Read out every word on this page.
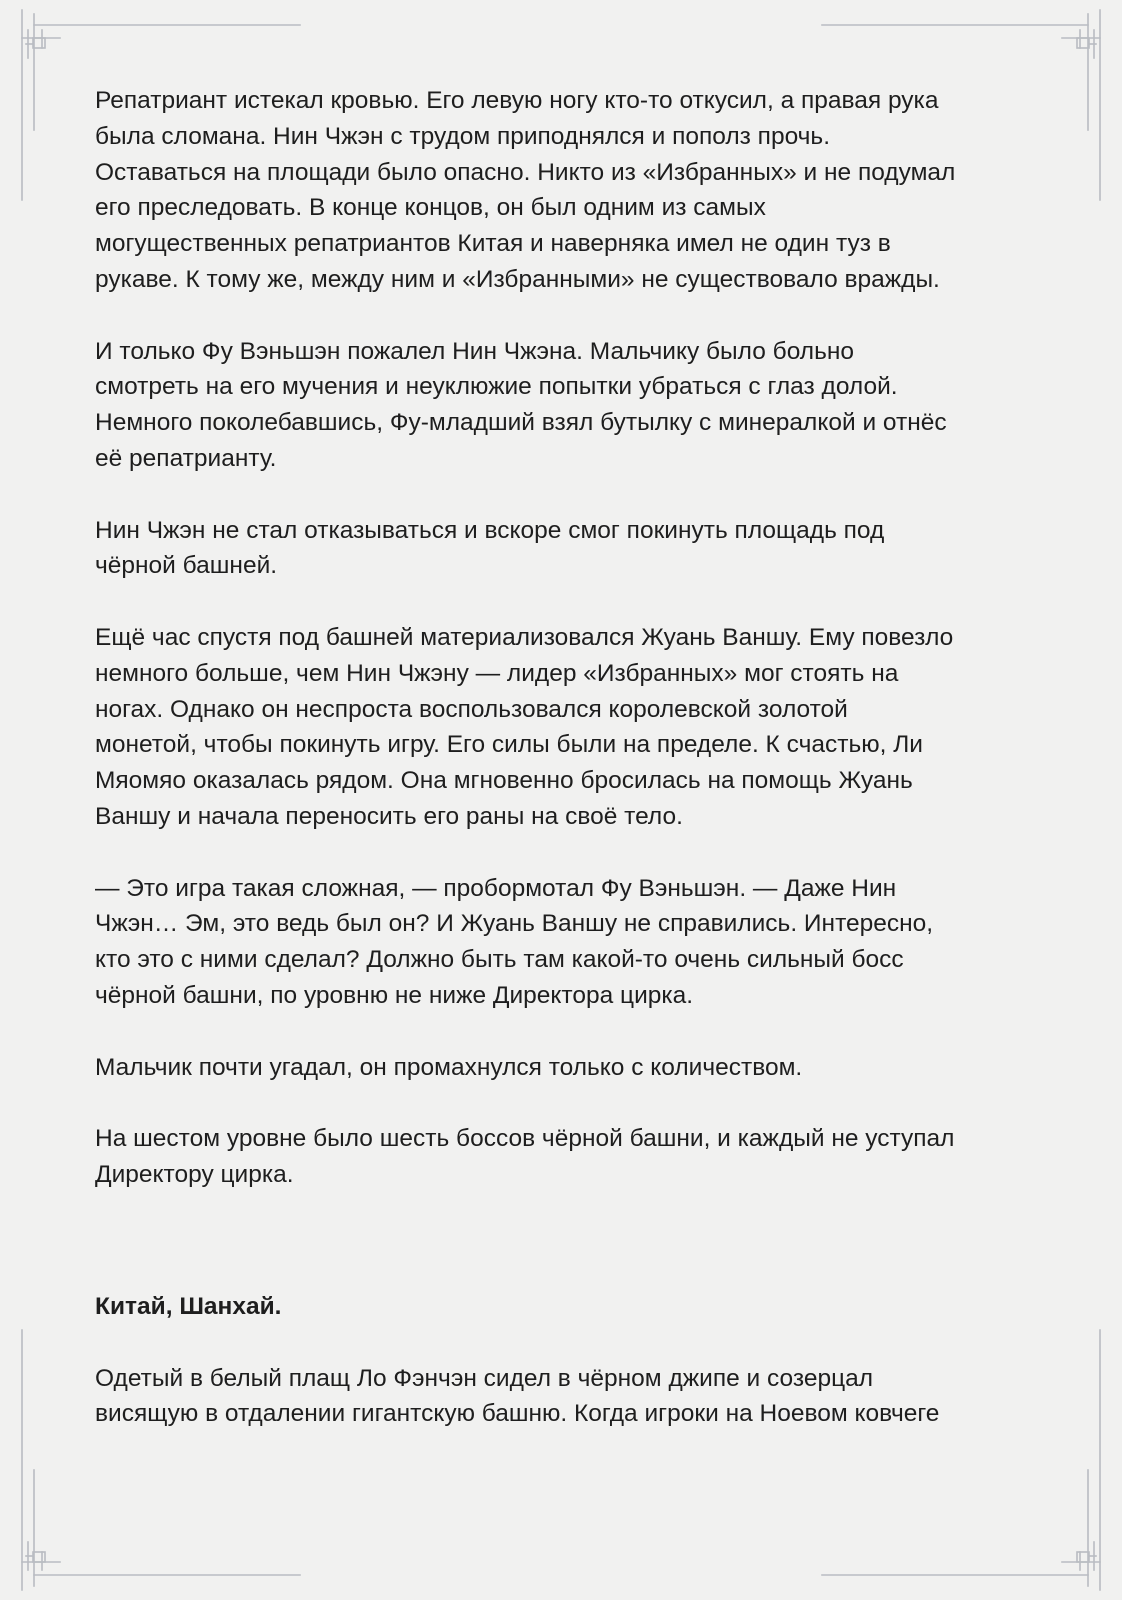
Репатриант истекал кровью. Его левую ногу кто-то откусил, а правая рука
была сломана. Нин Чжэн с трудом приподнялся и пополз прочь.
Оставаться на площади было опасно. Никто из «Избранных» и не подумал
его преследовать. В конце концов, он был одним из самых
могущественных репатриантов Китая и наверняка имел не один туз в
рукаве. К тому же, между ним и «Избранными» не существовало вражды.

И только Фу Вэньшэн пожалел Нин Чжэна. Мальчику было больно
смотреть на его мучения и неуклюжие попытки убраться с глаз долой.
Немного поколебавшись, Фу-младший взял бутылку с минералкой и отнёс
её репатрианту.

Нин Чжэн не стал отказываться и вскоре смог покинуть площадь под
чёрной башней.

Ещё час спустя под башней материализовался Жуань Ваншу. Ему повезло
немного больше, чем Нин Чжэну — лидер «Избранных» мог стоять на
ногах. Однако он неспроста воспользовался королевской золотой
монетой, чтобы покинуть игру. Его силы были на пределе. К счастью, Ли
Мяомяо оказалась рядом. Она мгновенно бросилась на помощь Жуань
Ваншу и начала переносить его раны на своё тело.

— Это игра такая сложная, — пробормотал Фу Вэньшэн. — Даже Нин
Чжэн… Эм, это ведь был он? И Жуань Ваншу не справились. Интересно,
кто это с ними сделал? Должно быть там какой-то очень сильный босс
чёрной башни, по уровню не ниже Директора цирка.

Мальчик почти угадал, он промахнулся только с количеством.

На шестом уровне было шесть боссов чёрной башни, и каждый не уступал
Директору цирка.

Китай, Шанхай.

Одетый в белый плащ Ло Фэнчэн сидел в чёрном джипе и созерцал
висящую в отдалении гигантскую башню. Когда игроки на Ноевом ковчеге
